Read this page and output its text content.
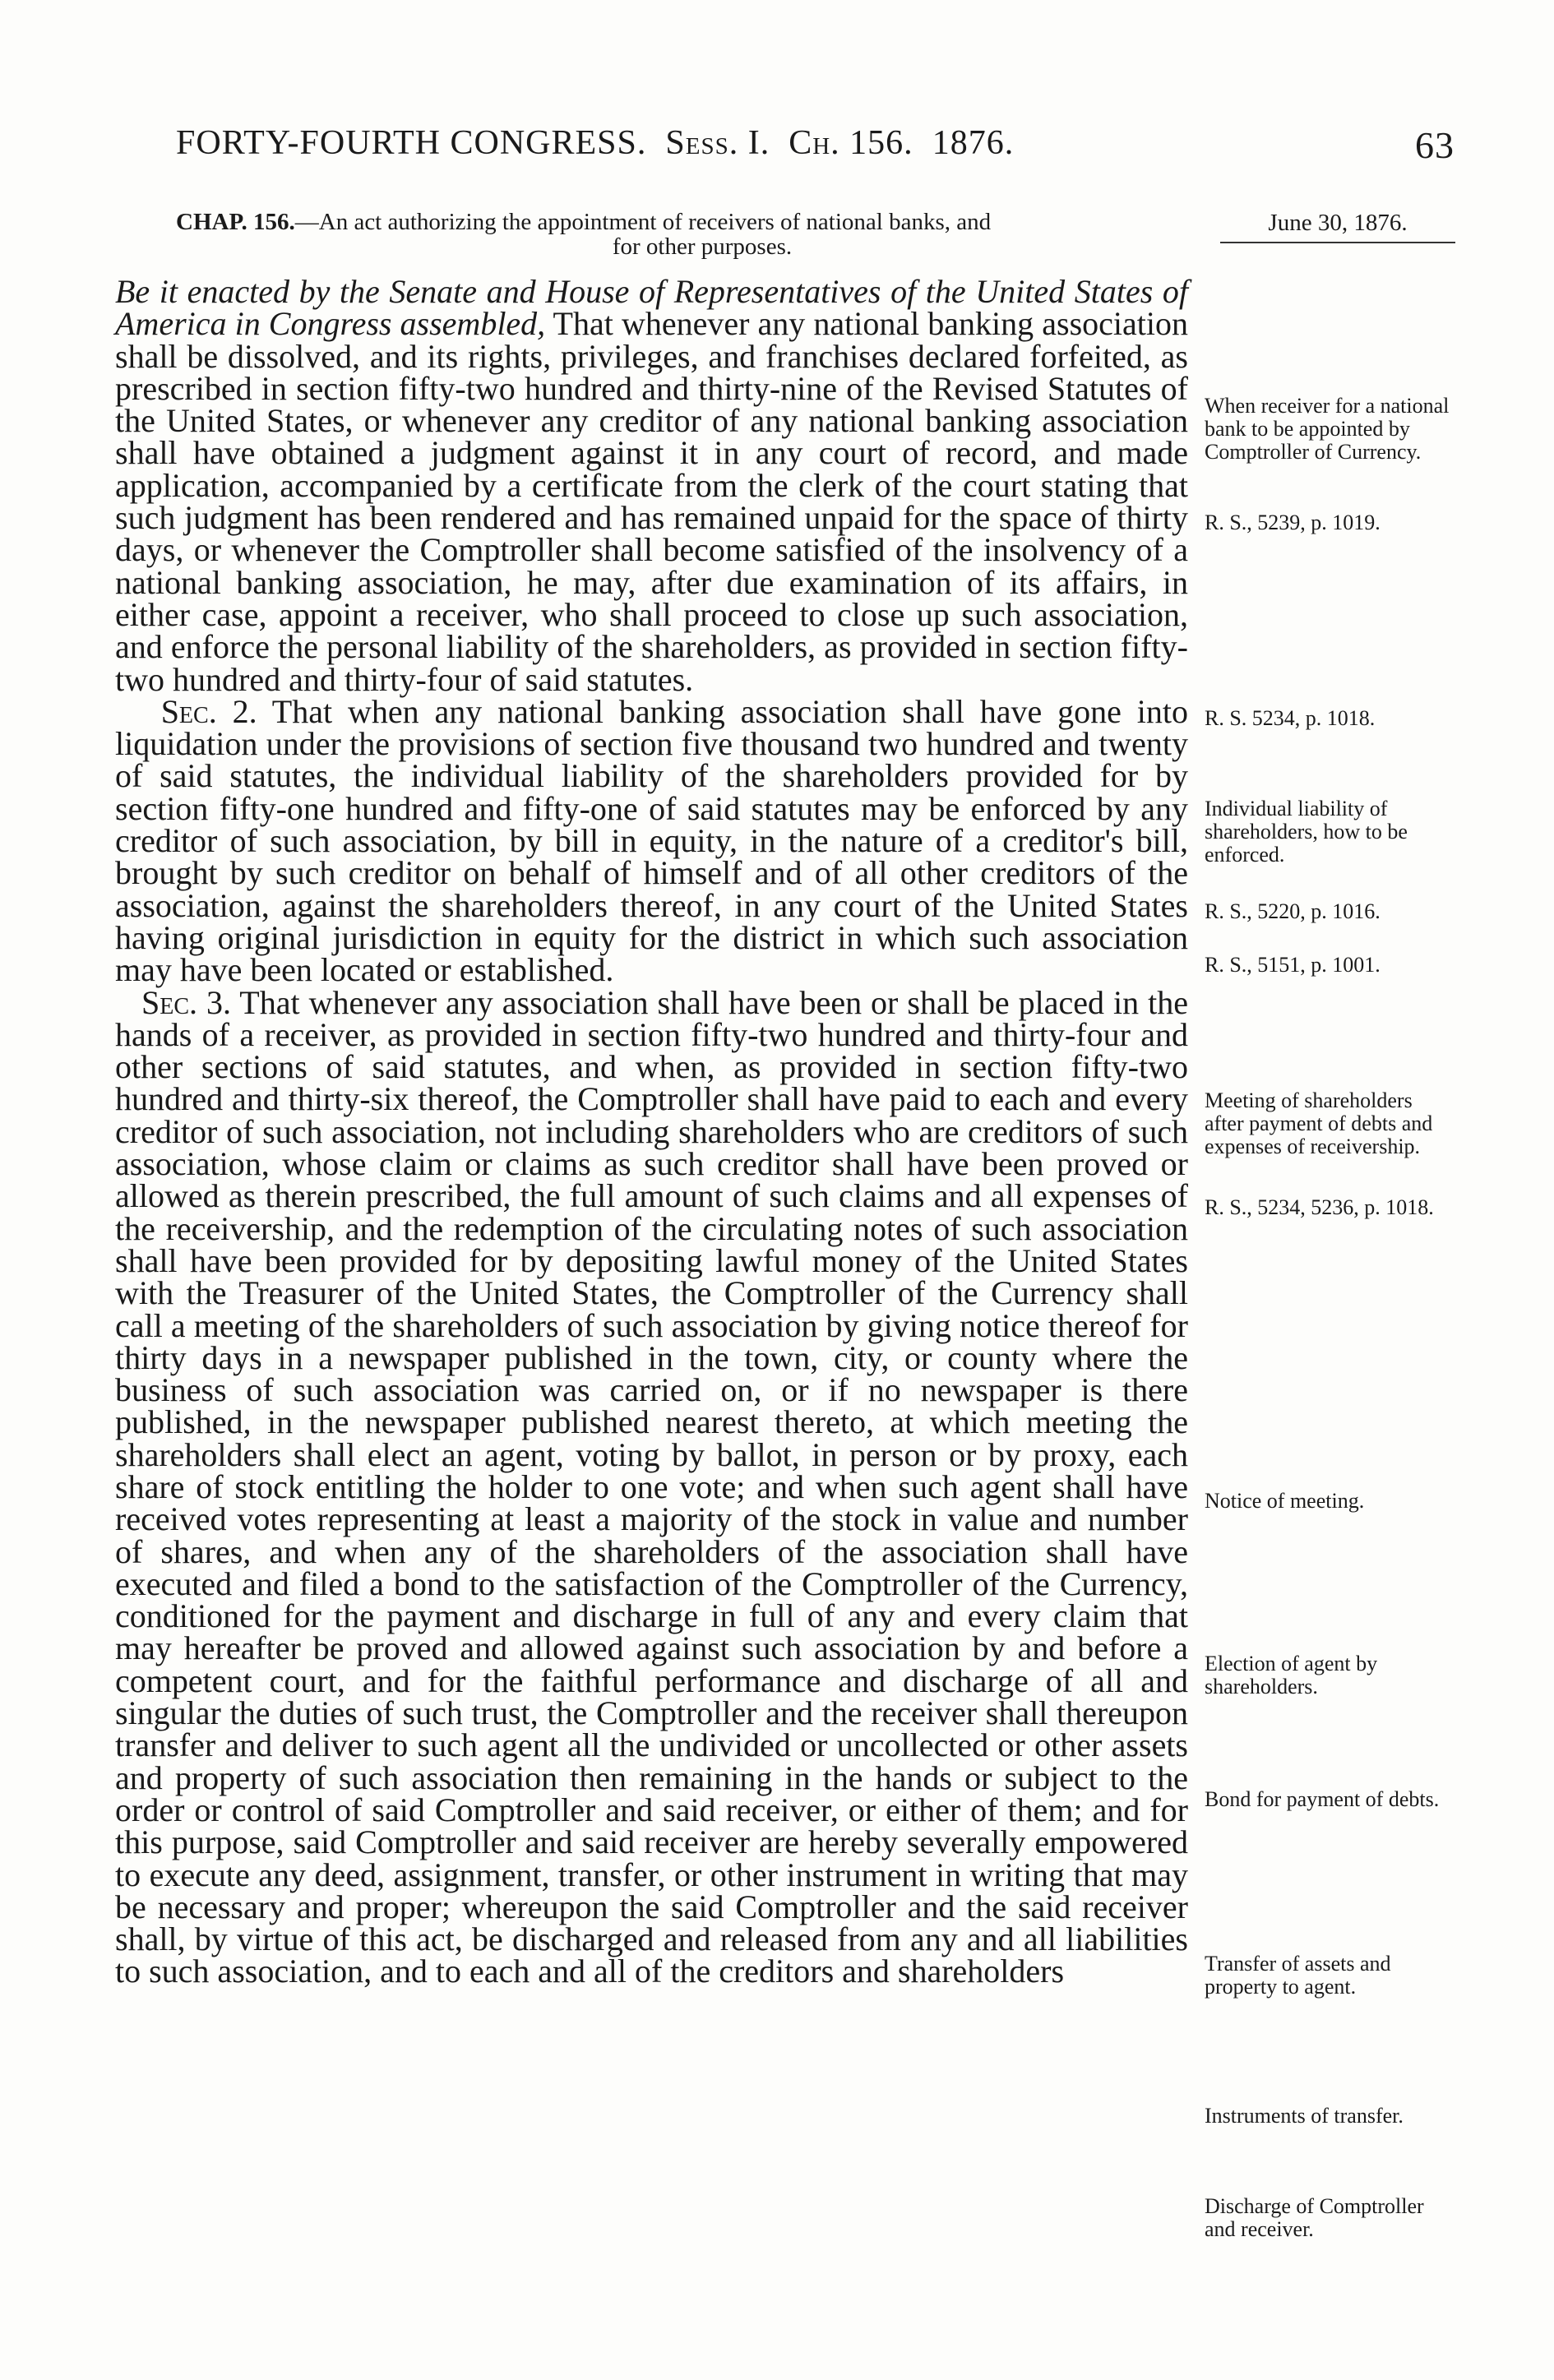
FORTY-FOURTH CONGRESS. Sess. I. Ch. 156. 1876.	63
CHAP. 156.—An act authorizing the appointment of receivers of national banks, and
for other purposes.
June 30, 1876.

Be it enacted by the Senate and House of Representatives of the United States of America in Congress assembled, That whenever any national banking association shall be dissolved, and its rights, privileges, and franchises declared forfeited, as prescribed in section fifty-two hundred and thirty-nine of the Revised Statutes of the United States, or whenever any creditor of any national banking association shall have obtained a judgment against it in any court of record, and made application, accompanied by a certificate from the clerk of the court stating that such judgment has been rendered and has remained unpaid for the space of thirty days, or whenever the Comptroller shall become satisfied of the insolvency of a national banking association, he may, after due examination of its affairs, in either case, appoint a receiver, who shall proceed to close up such association, and enforce the personal liability of the shareholders, as provided in section fifty-two hundred and thirty-four of said statutes.

Sec. 2. That when any national banking association shall have gone into liquidation under the provisions of section five thousand two hundred and twenty of said statutes, the individual liability of the shareholders provided for by section fifty-one hundred and fifty-one of said statutes may be enforced by any creditor of such association, by bill in equity, in the nature of a creditor's bill, brought by such creditor on behalf of himself and of all other creditors of the association, against the shareholders thereof, in any court of the United States having original jurisdiction in equity for the district in which such association may have been located or established.

Sec. 3. That whenever any association shall have been or shall be placed in the hands of a receiver, as provided in section fifty-two hundred and thirty-four and other sections of said statutes, and when, as provided in section fifty-two hundred and thirty-six thereof, the Comptroller shall have paid to each and every creditor of such association, not including shareholders who are creditors of such association, whose claim or claims as such creditor shall have been proved or allowed as therein prescribed, the full amount of such claims and all expenses of the receivership, and the redemption of the circulating notes of such association shall have been provided for by depositing lawful money of the United States with the Treasurer of the United States, the Comptroller of the Currency shall call a meeting of the shareholders of such association by giving notice thereof for thirty days in a newspaper published in the town, city, or county where the business of such association was carried on, or if no newspaper is there published, in the newspaper published nearest thereto, at which meeting the shareholders shall elect an agent, voting by ballot, in person or by proxy, each share of stock entitling the holder to one vote; and when such agent shall have received votes representing at least a majority of the stock in value and number of shares, and when any of the shareholders of the association shall have executed and filed a bond to the satisfaction of the Comptroller of the Currency, conditioned for the payment and discharge in full of any and every claim that may hereafter be proved and allowed against such association by and before a competent court, and for the faithful performance and discharge of all and singular the duties of such trust, the Comptroller and the receiver shall thereupon transfer and deliver to such agent all the undivided or uncollected or other assets and property of such association then remaining in the hands or subject to the order or control of said Comptroller and said receiver, or either of them; and for this purpose, said Comptroller and said receiver are hereby severally empowered to execute any deed, assignment, transfer, or other instrument in writing that may be necessary and proper; whereupon the said Comptroller and the said receiver shall, by virtue of this act, be discharged and released from any and all liabilities to such association, and to each and all of the creditors and shareholders

When receiver for a national bank to be appointed by Comptroller of Currency.
R. S., 5239, p. 1019.
R. S. 5234, p. 1018.
Individual liability of shareholders, how to be enforced.
R. S., 5220, p. 1016.
R. S., 5151, p. 1001.
Meeting of shareholders after payment of debts and expenses of receivership.
R. S., 5234, 5236, p. 1018.
Notice of meeting.
Election of agent by shareholders.
Bond for payment of debts.
Transfer of assets and property to agent.
Instruments of transfer.
Discharge of Comptroller and receiver.
